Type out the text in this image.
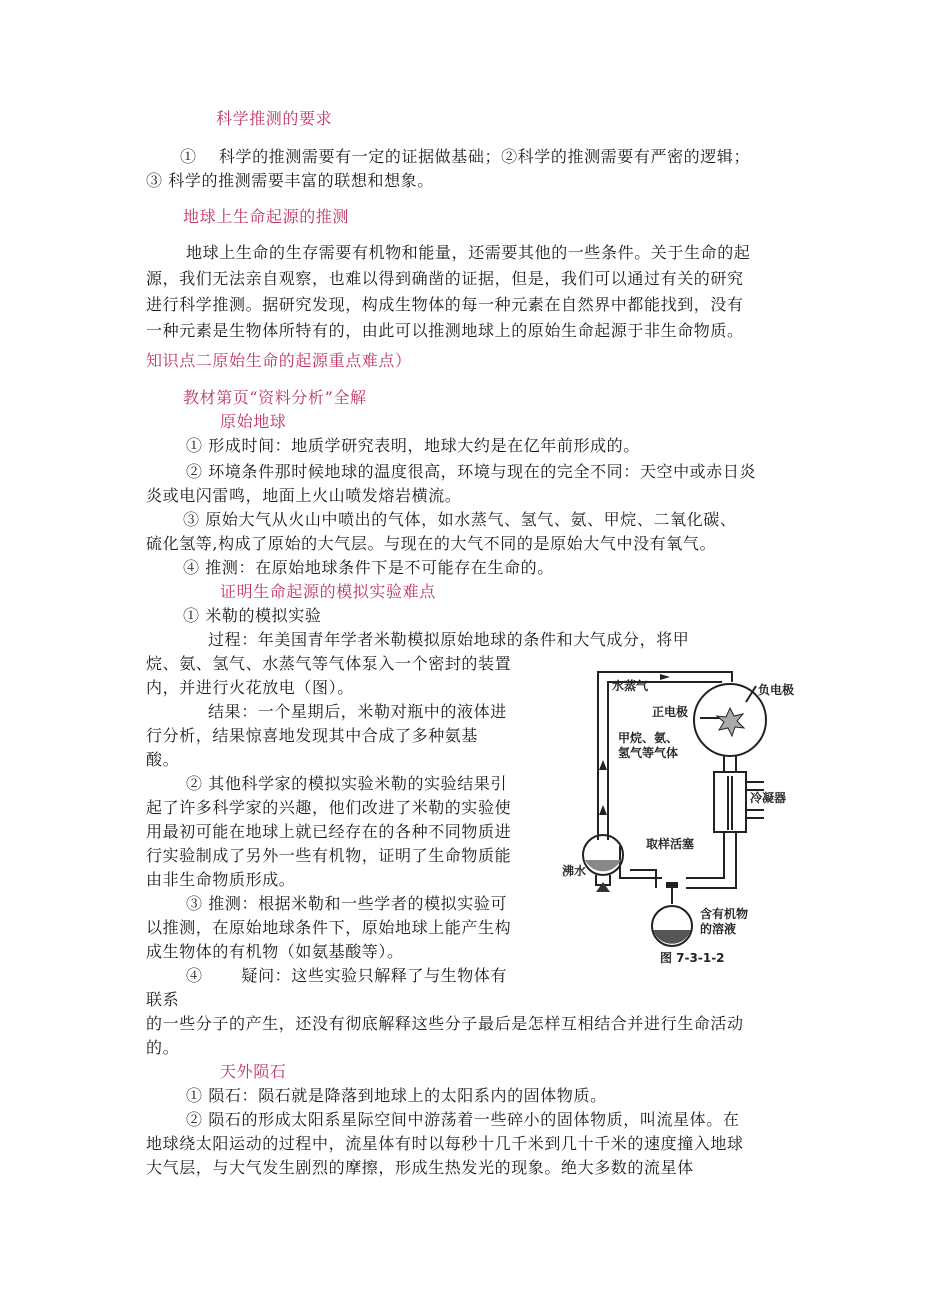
科学推测的要求
①　 科学的推测需要有一定的证据做基础；②科学的推测需要有严密的逻辑；
③ 科学的推测需要丰富的联想和想象。
地球上生命起源的推测
地球上生命的生存需要有机物和能量，还需要其他的一些条件。关于生命的起
源，我们无法亲自观察，也难以得到确凿的证据，但是，我们可以通过有关的研究
进行科学推测。据研究发现，构成生物体的每一种元素在自然界中都能找到，没有
一种元素是生物体所特有的，由此可以推测地球上的原始生命起源于非生命物质。
知识点二原始生命的起源重点难点）
教材第页“资料分析”全解
原始地球
① 形成时间：地质学研究表明，地球大约是在亿年前形成的。
② 环境条件那时候地球的温度很高，环境与现在的完全不同：天空中或赤日炎
炎或电闪雷鸣，地面上火山喷发熔岩横流。
③ 原始大气从火山中喷出的气体，如水蒸气、氢气、氨、甲烷、二氧化碳、
硫化氢等,构成了原始的大气层。与现在的大气不同的是原始大气中没有氧气。
④ 推测：在原始地球条件下是不可能存在生命的。
证明生命起源的模拟实验难点
① 米勒的模拟实验
过程：年美国青年学者米勒模拟原始地球的条件和大气成分，将甲
烷、氨、氢气、水蒸气等气体泵入一个密封的装置
内，并进行火花放电（图）。
结果：一个星期后，米勒对瓶中的液体进
行分析，结果惊喜地发现其中合成了多种氨基
酸。
② 其他科学家的模拟实验米勒的实验结果引
起了许多科学家的兴趣，他们改进了米勒的实验使
用最初可能在地球上就已经存在的各种不同物质进
行实验制成了另外一些有机物，证明了生命物质能
由非生命物质形成。
③ 推测：根据米勒和一些学者的模拟实验可
以推测，在原始地球条件下，原始地球上能产生构
成生物体的有机物（如氨基酸等）。
④　　 疑问：这些实验只解释了与生物体有
联系
的一些分子的产生，还没有彻底解释这些分子最后是怎样互相结合并进行生命活动
的。
天外陨石
① 陨石：陨石就是降落到地球上的太阳系内的固体物质。
② 陨石的形成太阳系星际空间中游荡着一些碎小的固体物质，叫流星体。在
地球绕太阳运动的过程中，流星体有时以每秒十几千米到几十千米的速度撞入地球
大气层，与大气发生剧烈的摩擦，形成生热发光的现象。绝大多数的流星体
水蒸气
正电极
负电极
甲烷、氨、
氢气等气体
冷凝器
取样活塞
沸水
含有机物
的溶液
图 7-3-1-2
